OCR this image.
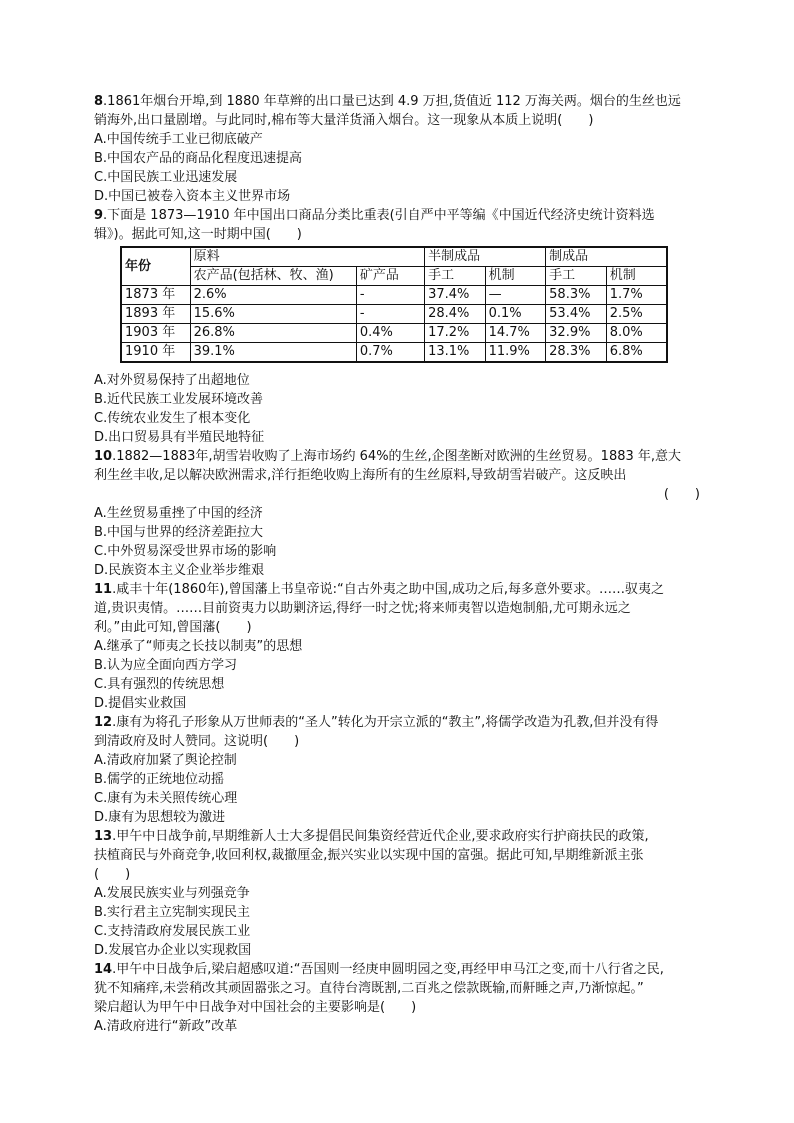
8.1861年烟台开埠,到 1880 年草辫的出口量已达到 4.9 万担,货值近 112 万海关两。烟台的生丝也远
销海外,出口量剧增。与此同时,棉布等大量洋货涌入烟台。这一现象从本质上说明(　　)
A.中国传统手工业已彻底破产
B.中国农产品的商品化程度迅速提高
C.中国民族工业迅速发展
D.中国已被卷入资本主义世界市场
9.下面是 1873—1910 年中国出口商品分类比重表(引自严中平等编《中国近代经济史统计资料选
辑》)。据此可知,这一时期中国(　　)
年份	原料		半制成品		制成品	
	农产品(包括林、牧、渔)	矿产品	手工	机制	手工	机制
1873 年	2.6%	-	37.4%	—	58.3%	1.7%
1893 年	15.6%	-	28.4%	0.1%	53.4%	2.5%
1903 年	26.8%	0.4%	17.2%	14.7%	32.9%	8.0%
1910 年	39.1%	0.7%	13.1%	11.9%	28.3%	6.8%
A.对外贸易保持了出超地位
B.近代民族工业发展环境改善
C.传统农业发生了根本变化
D.出口贸易具有半殖民地特征
10.1882—1883年,胡雪岩收购了上海市场约 64%的生丝,企图垄断对欧洲的生丝贸易。1883 年,意大
利生丝丰收,足以解决欧洲需求,洋行拒绝收购上海所有的生丝原料,导致胡雪岩破产。这反映出
(　　)
A.生丝贸易重挫了中国的经济
B.中国与世界的经济差距拉大
C.中外贸易深受世界市场的影响
D.民族资本主义企业举步维艰
11.咸丰十年(1860年),曾国藩上书皇帝说:“自古外夷之助中国,成功之后,每多意外要求。……驭夷之
道,贵识夷情。……目前资夷力以助剿济运,得纾一时之忧;将来师夷智以造炮制船,尤可期永远之
利。”由此可知,曾国藩(　　)
A.继承了“师夷之长技以制夷”的思想
B.认为应全面向西方学习
C.具有强烈的传统思想
D.提倡实业救国
12.康有为将孔子形象从万世师表的“圣人”转化为开宗立派的“教主”,将儒学改造为孔教,但并没有得
到清政府及时人赞同。这说明(　　)
A.清政府加紧了舆论控制
B.儒学的正统地位动摇
C.康有为未关照传统心理
D.康有为思想较为激进
13.甲午中日战争前,早期维新人士大多提倡民间集资经营近代企业,要求政府实行护商扶民的政策,
扶植商民与外商竞争,收回利权,裁撤厘金,振兴实业以实现中国的富强。据此可知,早期维新派主张
(　　)
A.发展民族实业与列强竞争
B.实行君主立宪制实现民主
C.支持清政府发展民族工业
D.发展官办企业以实现救国
14.甲午中日战争后,梁启超感叹道:“吾国则一经庚申圆明园之变,再经甲申马江之变,而十八行省之民,
犹不知痛痒,未尝稍改其顽固嚣张之习。直待台湾既割,二百兆之偿款既输,而鼾睡之声,乃渐惊起。”
梁启超认为甲午中日战争对中国社会的主要影响是(　　)
A.清政府进行“新政”改革
